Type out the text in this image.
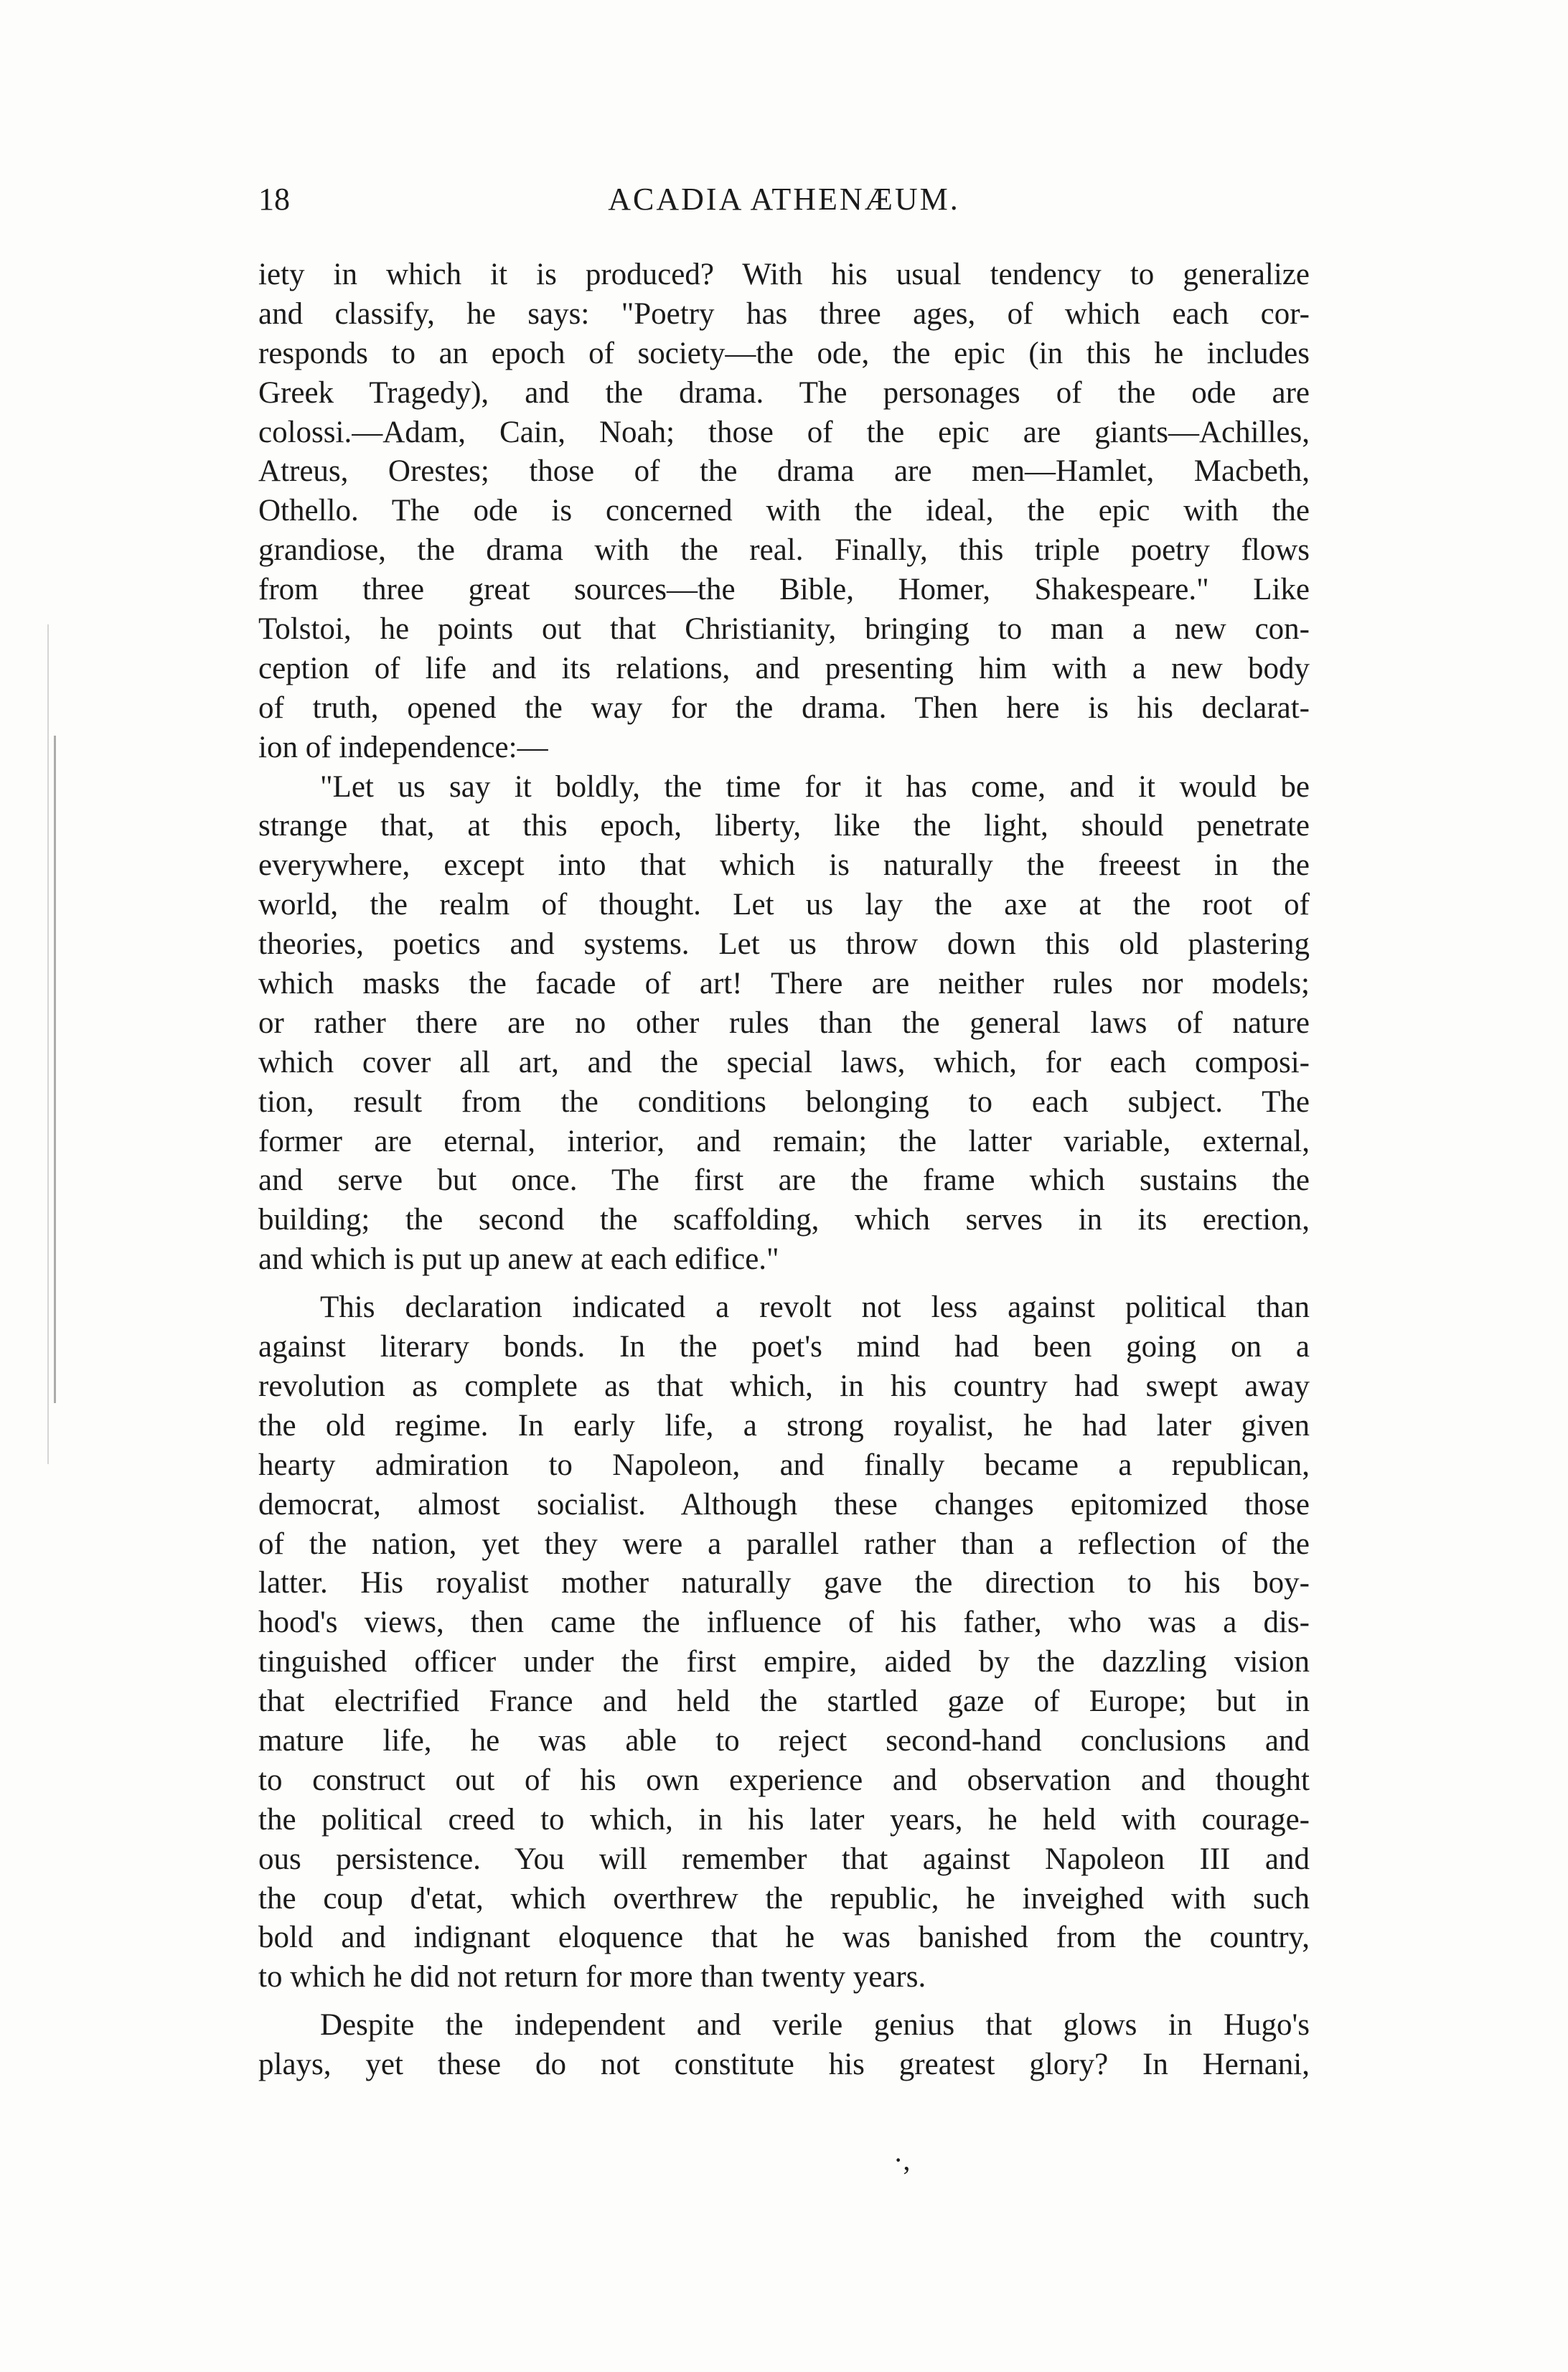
18	ACADIA ATHENÆUM.
iety in which it is produced? With his usual tendency to generalize
and classify, he says: "Poetry has three ages, of which each cor-
responds to an epoch of society—the ode, the epic (in this he includes
Greek Tragedy), and the drama. The personages of the ode are
colossi.—Adam, Cain, Noah; those of the epic are giants—Achilles,
Atreus, Orestes; those of the drama are men—Hamlet, Macbeth,
Othello. The ode is concerned with the ideal, the epic with the
grandiose, the drama with the real. Finally, this triple poetry flows
from three great sources—the Bible, Homer, Shakespeare." Like
Tolstoi, he points out that Christianity, bringing to man a new con-
ception of life and its relations, and presenting him with a new body
of truth, opened the way for the drama. Then here is his declarat-
ion of independence:—
"Let us say it boldly, the time for it has come, and it would be
strange that, at this epoch, liberty, like the light, should penetrate
everywhere, except into that which is naturally the freeest in the
world, the realm of thought. Let us lay the axe at the root of
theories, poetics and systems. Let us throw down this old plastering
which masks the facade of art! There are neither rules nor models;
or rather there are no other rules than the general laws of nature
which cover all art, and the special laws, which, for each composi-
tion, result from the conditions belonging to each subject. The
former are eternal, interior, and remain; the latter variable, external,
and serve but once. The first are the frame which sustains the
building; the second the scaffolding, which serves in its erection,
and which is put up anew at each edifice."
This declaration indicated a revolt not less against political than
against literary bonds. In the poet's mind had been going on a
revolution as complete as that which, in his country had swept away
the old regime. In early life, a strong royalist, he had later given
hearty admiration to Napoleon, and finally became a republican,
democrat, almost socialist. Although these changes epitomized those
of the nation, yet they were a parallel rather than a reflection of the
latter. His royalist mother naturally gave the direction to his boy-
hood's views, then came the influence of his father, who was a dis-
tinguished officer under the first empire, aided by the dazzling vision
that electrified France and held the startled gaze of Europe; but in
mature life, he was able to reject second-hand conclusions and
to construct out of his own experience and observation and thought
the political creed to which, in his later years, he held with courage-
ous persistence. You will remember that against Napoleon III and
the coup d'etat, which overthrew the republic, he inveighed with such
bold and indignant eloquence that he was banished from the country,
to which he did not return for more than twenty years.
Despite the independent and verile genius that glows in Hugo's
plays, yet these do not constitute his greatest glory? In Hernani,
·,
